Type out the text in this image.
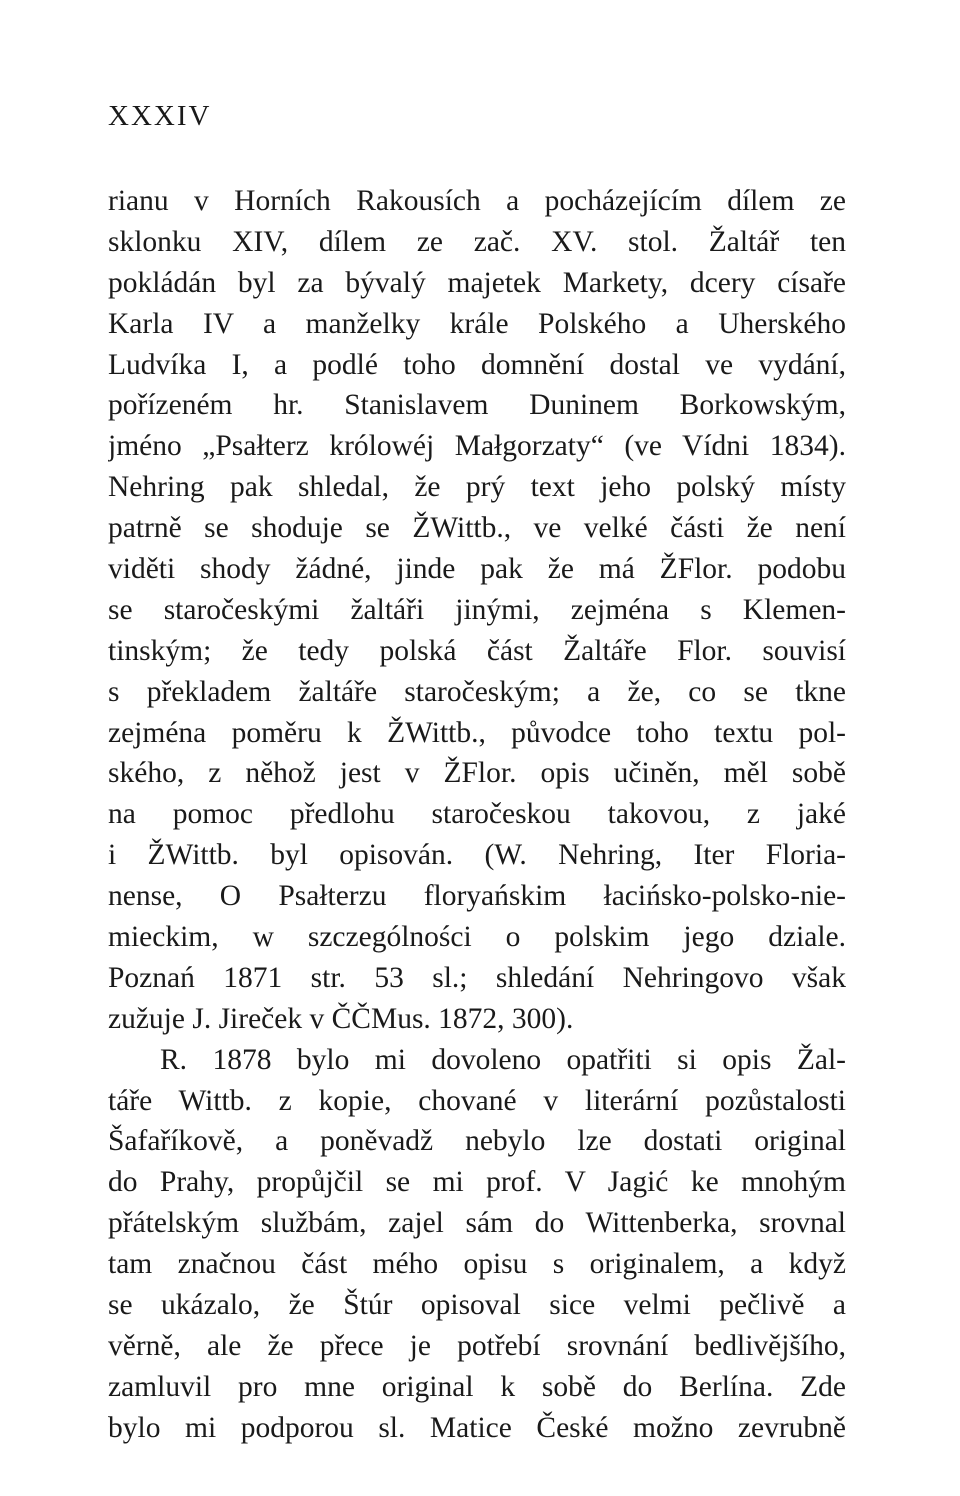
XXXIV
rianu v Horních Rakousích a pocházejícím dílem ze
sklonku XIV, dílem ze zač. XV. stol. Žaltář ten
pokládán byl za bývalý majetek Markety, dcery císaře
Karla IV a manželky krále Polského a Uherského
Ludvíka I, a podlé toho domnění dostal ve vydání,
pořízeném hr. Stanislavem Duninem Borkowským,
jméno „Psałterz królowéj Małgorzaty“ (ve Vídni 1834).
Nehring pak shledal, že prý text jeho polský místy
patrně se shoduje se ŽWittb., ve velké části že není
viděti shody žádné, jinde pak že má ŽFlor. podobu
se staročeskými žaltáři jinými, zejména s Klemen-
tinským; že tedy polská část Žaltáře Flor. souvisí
s překladem žaltáře staročeským; a že, co se tkne
zejména poměru k ŽWittb., původce toho textu pol-
ského, z něhož jest v ŽFlor. opis učiněn, měl sobě
na pomoc předlohu staročeskou takovou, z jaké
i ŽWittb. byl opisován. (W. Nehring, Iter Floria-
nense, O Psałterzu floryańskim łacińsko-polsko-nie-
mieckim, w szczególności o polskim jego dziale.
Poznań 1871 str. 53 sl.; shledání Nehringovo však
zužuje J. Jireček v ČČMus. 1872, 300).
R. 1878 bylo mi dovoleno opatřiti si opis Žal-
táře Wittb. z kopie, chované v literární pozůstalosti
Šafaříkově, a poněvadž nebylo lze dostati original
do Prahy, propůjčil se mi prof. V Jagić ke mnohým
přátelským službám, zajel sám do Wittenberka, srovnal
tam značnou část mého opisu s originalem, a když
se ukázalo, že Štúr opisoval sice velmi pečlivě a
věrně, ale že přece je potřebí srovnání bedlivějšího,
zamluvil pro mne original k sobě do Berlína. Zde
bylo mi podporou sl. Matice České možno zevrubně
